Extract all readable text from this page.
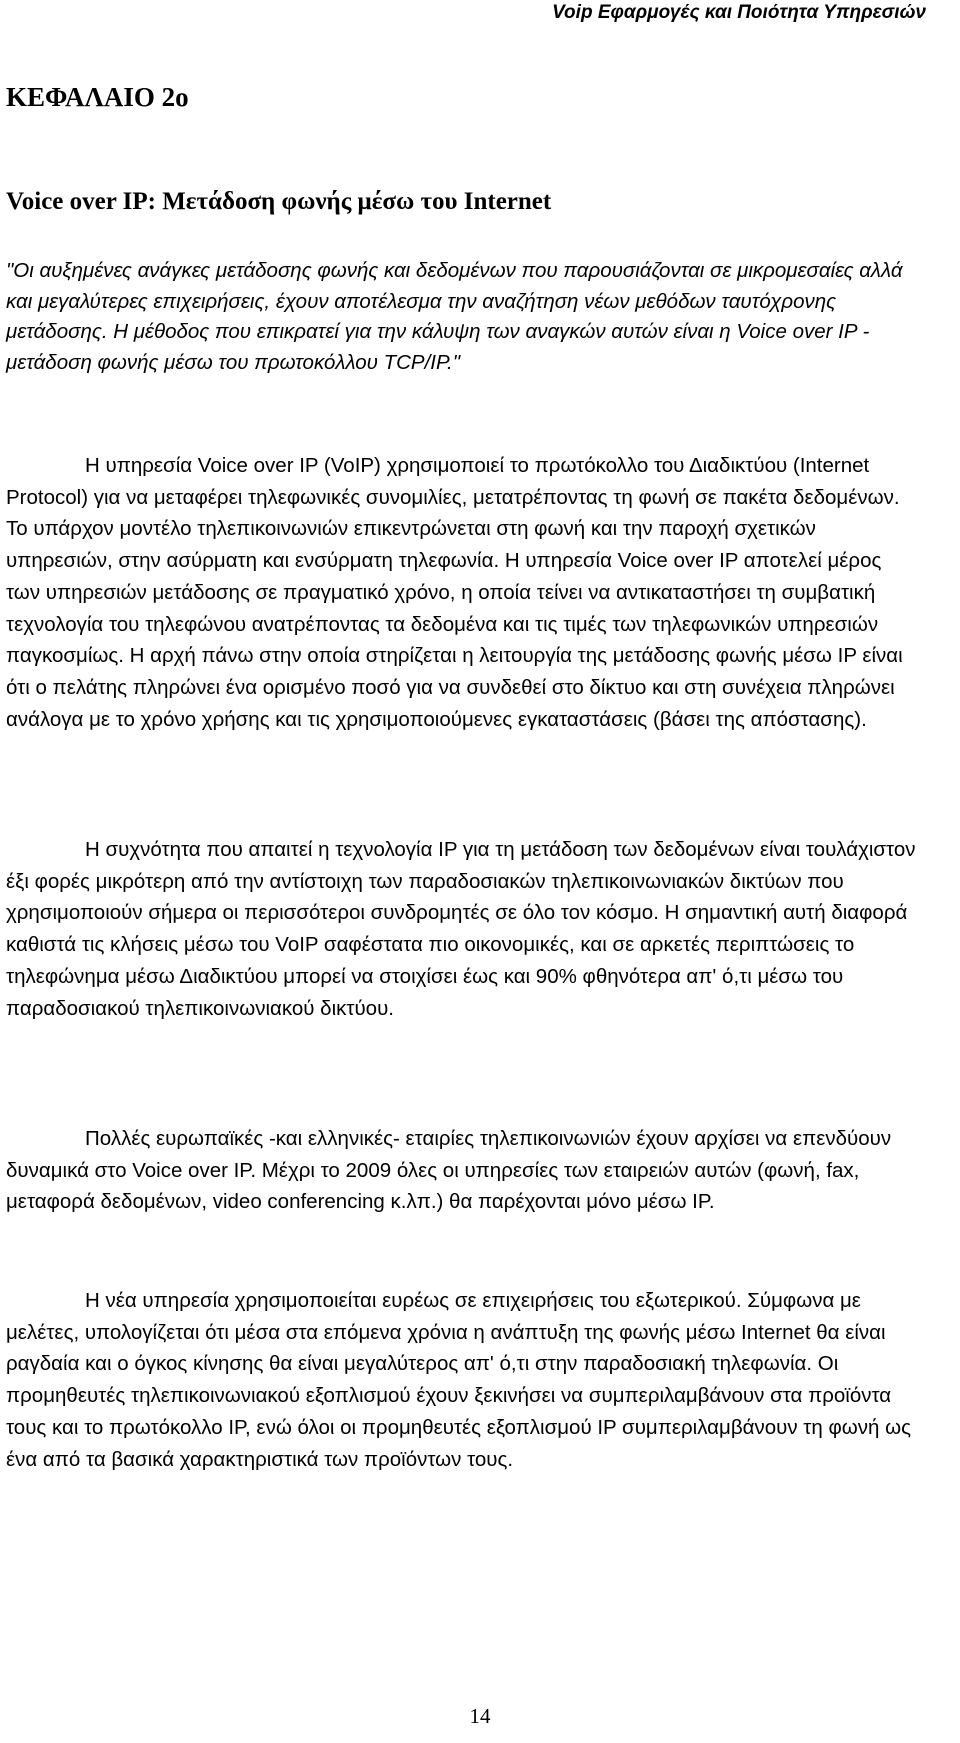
Voip Εφαρμογές και Ποιότητα Υπηρεσιών
ΚΕΦΑΛΑΙΟ 2ο
Voice over IP: Μετάδοση φωνής μέσω του Internet

"Οι αυξημένες ανάγκες μετάδοσης φωνής και δεδομένων που παρουσιάζονται σε μικρομεσαίες αλλά και μεγαλύτερες επιχειρήσεις, έχουν αποτέλεσμα την αναζήτηση νέων μεθόδων ταυτόχρονης μετάδοσης. Η μέθοδος που επικρατεί για την κάλυψη των αναγκών αυτών είναι η Voice over IP - μετάδοση φωνής μέσω του πρωτοκόλλου TCP/IP."

Η υπηρεσία Voice over IP (VoIP) χρησιμοποιεί το πρωτόκολλο του Διαδικτύου (Internet Protocol) για να μεταφέρει τηλεφωνικές συνομιλίες, μετατρέποντας τη φωνή σε πακέτα δεδομένων. Το υπάρχον μοντέλο τηλεπικοινωνιών επικεντρώνεται στη φωνή και την παροχή σχετικών υπηρεσιών, στην ασύρματη και ενσύρματη τηλεφωνία. Η υπηρεσία Voice over IP αποτελεί μέρος των υπηρεσιών μετάδοσης σε πραγματικό χρόνο, η οποία τείνει να αντικαταστήσει τη συμβατική τεχνολογία του τηλεφώνου ανατρέποντας τα δεδομένα και τις τιμές των τηλεφωνικών υπηρεσιών παγκοσμίως. Η αρχή πάνω στην οποία στηρίζεται η λειτουργία της μετάδοσης φωνής μέσω IP είναι ότι ο πελάτης πληρώνει ένα ορισμένο ποσό για να συνδεθεί στο δίκτυο και στη συνέχεια πληρώνει ανάλογα με το χρόνο χρήσης και τις χρησιμοποιούμενες εγκαταστάσεις (βάσει της απόστασης).

Η συχνότητα που απαιτεί η τεχνολογία IP για τη μετάδοση των δεδομένων είναι τουλάχιστον έξι φορές μικρότερη από την αντίστοιχη των παραδοσιακών τηλεπικοινωνιακών δικτύων που χρησιμοποιούν σήμερα οι περισσότεροι συνδρομητές σε όλο τον κόσμο. Η σημαντική αυτή διαφορά καθιστά τις κλήσεις μέσω του VoIP σαφέστατα πιο οικονομικές, και σε αρκετές περιπτώσεις το τηλεφώνημα μέσω Διαδικτύου μπορεί να στοιχίσει έως και 90% φθηνότερα απ' ό,τι μέσω του παραδοσιακού τηλεπικοινωνιακού δικτύου.

Πολλές ευρωπαϊκές -και ελληνικές- εταιρίες τηλεπικοινωνιών έχουν αρχίσει να επενδύουν δυναμικά στο Voice over IP. Μέχρι το 2009 όλες οι υπηρεσίες των εταιρειών αυτών (φωνή, fax, μεταφορά δεδομένων, video conferencing κ.λπ.) θα παρέχονται μόνο μέσω IP.

Η νέα υπηρεσία χρησιμοποιείται ευρέως σε επιχειρήσεις του εξωτερικού. Σύμφωνα με μελέτες, υπολογίζεται ότι μέσα στα επόμενα χρόνια η ανάπτυξη της φωνής μέσω Internet θα είναι ραγδαία και ο όγκος κίνησης θα είναι μεγαλύτερος απ' ό,τι στην παραδοσιακή τηλεφωνία. Οι προμηθευτές τηλεπικοινωνιακού εξοπλισμού έχουν ξεκινήσει να συμπεριλαμβάνουν στα προϊόντα τους και το πρωτόκολλο IP, ενώ όλοι οι προμηθευτές εξοπλισμού IP συμπεριλαμβάνουν τη φωνή ως ένα από τα βασικά χαρακτηριστικά των προϊόντων τους.

14
